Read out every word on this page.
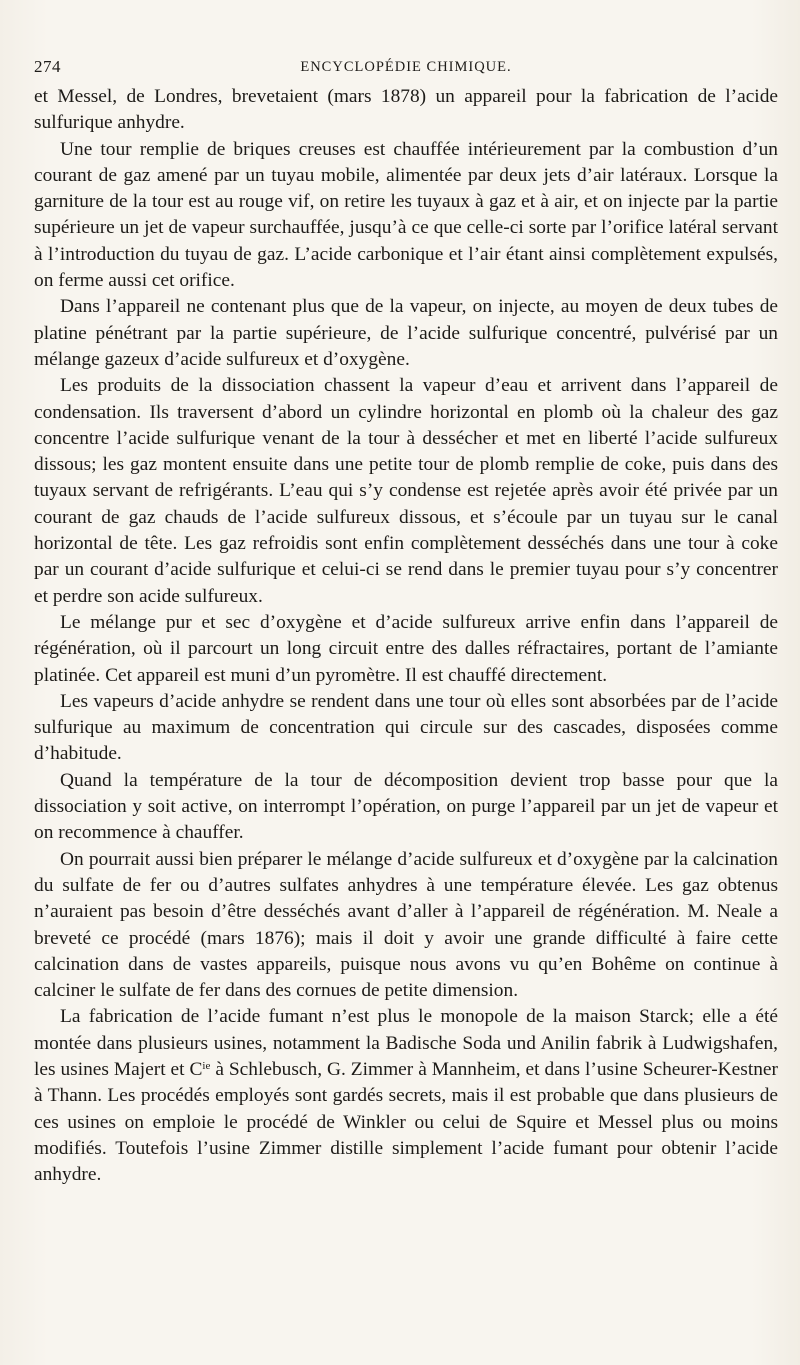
274	ENCYCLOPÉDIE CHIMIQUE.

et Messel, de Londres, brevetaient (mars 1878) un appareil pour la fabrication de l’acide sulfurique anhydre.

Une tour remplie de briques creuses est chauffée intérieurement par la combustion d’un courant de gaz amené par un tuyau mobile, alimentée par deux jets d’air latéraux. Lorsque la garniture de la tour est au rouge vif, on retire les tuyaux à gaz et à air, et on injecte par la partie supérieure un jet de vapeur surchauffée, jusqu’à ce que celle-ci sorte par l’orifice latéral servant à l’introduction du tuyau de gaz. L’acide carbonique et l’air étant ainsi complètement expulsés, on ferme aussi cet orifice.

Dans l’appareil ne contenant plus que de la vapeur, on injecte, au moyen de deux tubes de platine pénétrant par la partie supérieure, de l’acide sulfurique concentré, pulvérisé par un mélange gazeux d’acide sulfureux et d’oxygène.

Les produits de la dissociation chassent la vapeur d’eau et arrivent dans l’appareil de condensation. Ils traversent d’abord un cylindre horizontal en plomb où la chaleur des gaz concentre l’acide sulfurique venant de la tour à dessécher et met en liberté l’acide sulfureux dissous; les gaz montent ensuite dans une petite tour de plomb remplie de coke, puis dans des tuyaux servant de refrigérants. L’eau qui s’y condense est rejetée après avoir été privée par un courant de gaz chauds de l’acide sulfureux dissous, et s’écoule par un tuyau sur le canal horizontal de tête. Les gaz refroidis sont enfin complètement desséchés dans une tour à coke par un courant d’acide sulfurique et celui-ci se rend dans le premier tuyau pour s’y concentrer et perdre son acide sulfureux.

Le mélange pur et sec d’oxygène et d’acide sulfureux arrive enfin dans l’appareil de régénération, où il parcourt un long circuit entre des dalles réfractaires, portant de l’amiante platinée. Cet appareil est muni d’un pyromètre. Il est chauffé directement.

Les vapeurs d’acide anhydre se rendent dans une tour où elles sont absorbées par de l’acide sulfurique au maximum de concentration qui circule sur des cascades, disposées comme d’habitude.

Quand la température de la tour de décomposition devient trop basse pour que la dissociation y soit active, on interrompt l’opération, on purge l’appareil par un jet de vapeur et on recommence à chauffer.

On pourrait aussi bien préparer le mélange d’acide sulfureux et d’oxygène par la calcination du sulfate de fer ou d’autres sulfates anhydres à une température élevée. Les gaz obtenus n’auraient pas besoin d’être desséchés avant d’aller à l’appareil de régénération. M. Neale a breveté ce procédé (mars 1876); mais il doit y avoir une grande difficulté à faire cette calcination dans de vastes appareils, puisque nous avons vu qu’en Bohême on continue à calciner le sulfate de fer dans des cornues de petite dimension.

La fabrication de l’acide fumant n’est plus le monopole de la maison Starck; elle a été montée dans plusieurs usines, notamment la Badische Soda und Anilin fabrik à Ludwigshafen, les usines Majert et $C^{ie}$ à Schlebusch, G. Zimmer à Mannheim, et dans l’usine Scheurer-Kestner à Thann. Les procédés employés sont gardés secrets, mais il est probable que dans plusieurs de ces usines on emploie le procédé de Winkler ou celui de Squire et Messel plus ou moins modifiés. Toutefois l’usine Zimmer distille simplement l’acide fumant pour obtenir l’acide anhydre.
